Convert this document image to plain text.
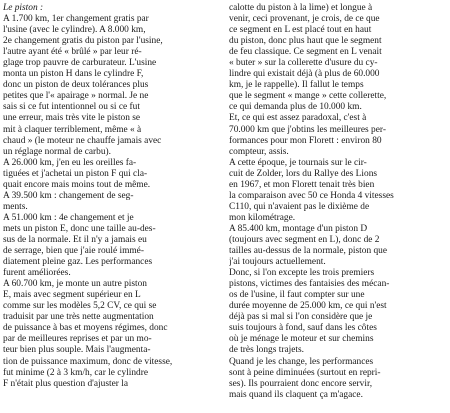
Le piston :
A 1.700 km, 1er changement gratis par
l'usine (avec le cylindre). A 8.000 km,
2e changement gratis du piston par l'usine,
l'autre ayant été « brûlé » par leur ré-
glage trop pauvre de carburateur. L'usine
monta un piston H dans le cylindre F,
donc un piston de deux tolérances plus
petites que l'« apairage » normal. Je ne
sais si ce fut intentionnel ou si ce fut
une erreur, mais très vite le piston se
mit à claquer terriblement, même « à
chaud » (le moteur ne chauffe jamais avec
un réglage normal de carbu).
A 26.000 km, j'en eu les oreilles fa-
tiguées et j'achetai un piston F qui cla-
quait encore mais moins tout de même.
A 39.500 km : changement de seg-
ments.
A 51.000 km : 4e changement et je
mets un piston E, donc une taille au-des-
sus de la normale. Et il n'y a jamais eu
de serrage, bien que j'aie roulé immé-
diatement pleine gaz. Les performances
furent améliorées.
A 60.700 km, je monte un autre piston
E, mais avec segment supérieur en L
comme sur les modèles 5,2 CV, ce qui se
traduisit par une très nette augmentation
de puissance à bas et moyens régimes, donc
par de meilleures reprises et par un mo-
teur bien plus souple. Mais l'augmenta-
tion de puissance maximum, donc de vitesse,
fut minime (2 à 3 km/h, car le cylindre
F n'était plus question d'ajuster la
calotte du piston à la lime) et longue à
venir, ceci provenant, je crois, de ce que
ce segment en L est placé tout en haut
du piston, donc plus haut que le segment
de feu classique. Ce segment en L venait
« buter » sur la collerette d'usure du cy-
lindre qui existait déjà (à plus de 60.000
km, je le rappelle). Il fallut le temps
que le segment « mange » cette collerette,
ce qui demanda plus de 10.000 km.
Et, ce qui est assez paradoxal, c'est à
70.000 km que j'obtins les meilleures per-
formances pour mon Florett : environ 80
compteur, assis.
A cette époque, je tournais sur le cir-
cuit de Zolder, lors du Rallye des Lions
en 1967, et mon Florett tenait très bien
la comparaison avec 50 ce Honda 4 vitesses
C110, qui n'avaient pas le dixième de
mon kilométrage.
A 85.400 km, montage d'un piston D
(toujours avec segment en L), donc de 2
tailles au-dessus de la normale, piston que
j'ai toujours actuellement.
Donc, si l'on excepte les trois premiers
pistons, victimes des fantaisies des mécan-
os de l'usine, il faut compter sur une
durée moyenne de 25.000 km, ce qui n'est
déjà pas si mal si l'on considère que je
suis toujours à fond, sauf dans les côtes
où je ménage le moteur et sur chemins
de très longs trajets.
Quand je les change, les performances
sont à peine diminuées (surtout en repri-
ses). Ils pourraient donc encore servir,
mais quand ils claquent ça m'agace.
